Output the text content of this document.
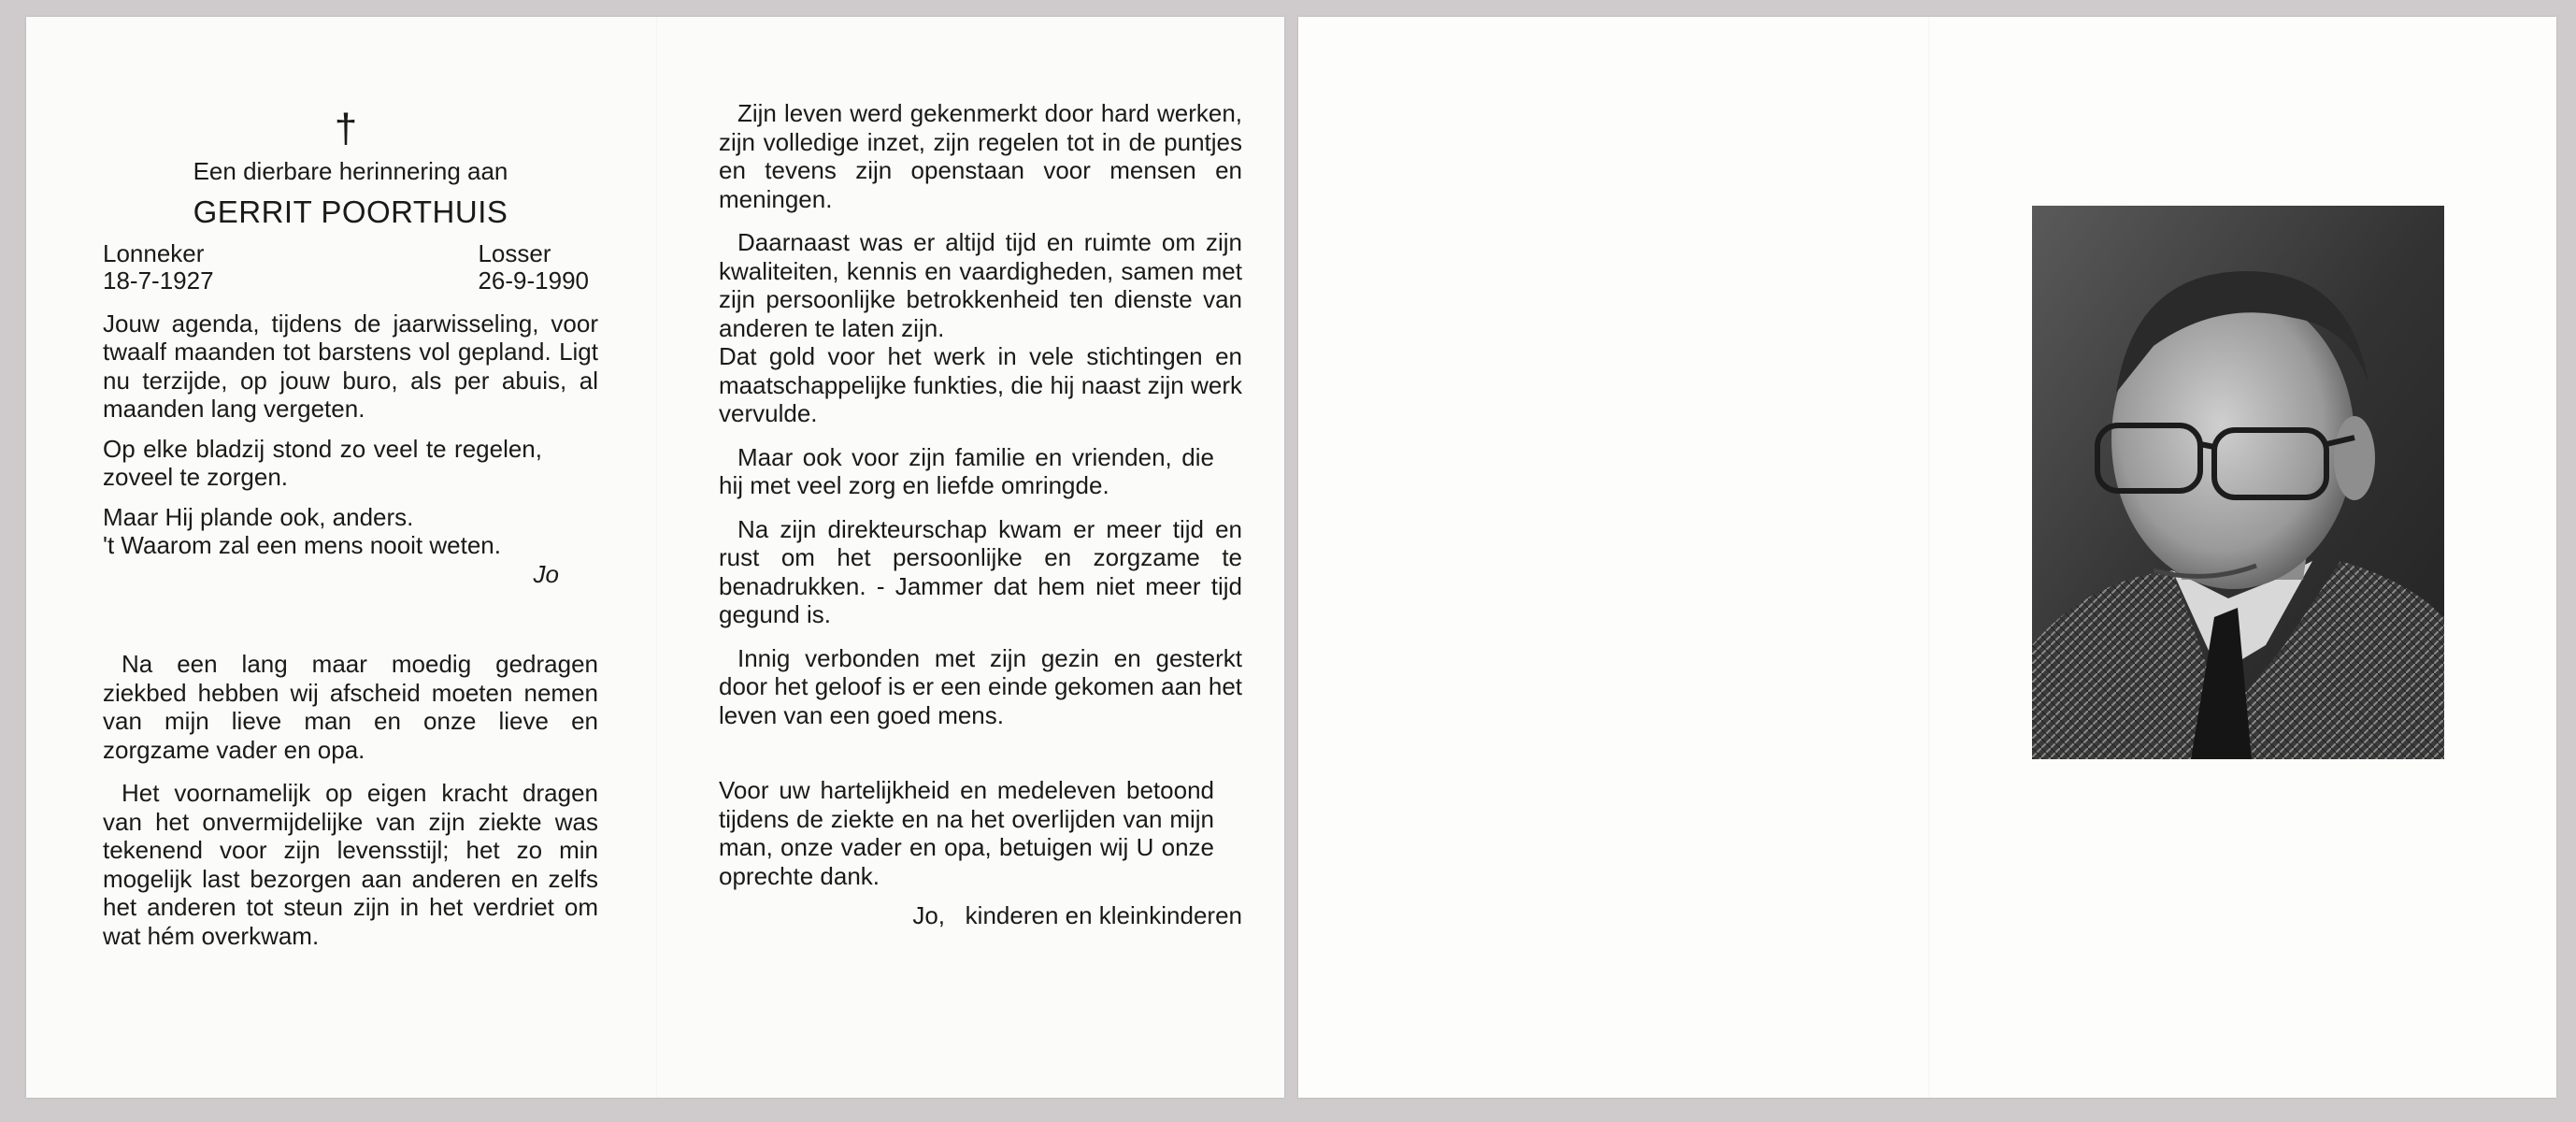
†
Een dierbare herinnering aan
GERRIT POORTHUIS
Lonneker
18-7-1927
Losser
26-9-1990

Jouw agenda, tijdens de jaarwisseling, voor twaalf maanden tot barstens vol gepland. Ligt nu terzijde, op jouw buro, als per abuis, al maanden lang vergeten.

Op elke bladzij stond zo veel te regelen, zoveel te zorgen.

Maar Hij plande ook, anders.

't Waarom zal een mens nooit weten.

Jo

Na een lang maar moedig gedragen ziekbed hebben wij afscheid moeten nemen van mijn lieve man en onze lieve en zorgzame vader en opa.

Het voornamelijk op eigen kracht dragen van het onvermijdelijke van zijn ziekte was tekenend voor zijn levensstijl; het zo min mogelijk last bezorgen aan anderen en zelfs het anderen tot steun zijn in het verdriet om wat hém overkwam.

Zijn leven werd gekenmerkt door hard werken, zijn volledige inzet, zijn regelen tot in de puntjes en tevens zijn openstaan voor mensen en meningen.

Daarnaast was er altijd tijd en ruimte om zijn kwaliteiten, kennis en vaardigheden, samen met zijn persoonlijke betrokkenheid ten dienste van anderen te laten zijn.

Dat gold voor het werk in vele stichtingen en maatschappelijke funkties, die hij naast zijn werk vervulde.

Maar ook voor zijn familie en vrienden, die hij met veel zorg en liefde omringde.

Na zijn direkteurschap kwam er meer tijd en rust om het persoonlijke en zorgzame te benadrukken. - Jammer dat hem niet meer tijd gegund is.

Innig verbonden met zijn gezin en gesterkt door het geloof is er een einde gekomen aan het leven van een goed mens.

Voor uw hartelijkheid en medeleven betoond tijdens de ziekte en na het overlijden van mijn man, onze vader en opa, betuigen wij U onze oprechte dank.

Jo,   kinderen en kleinkinderen
